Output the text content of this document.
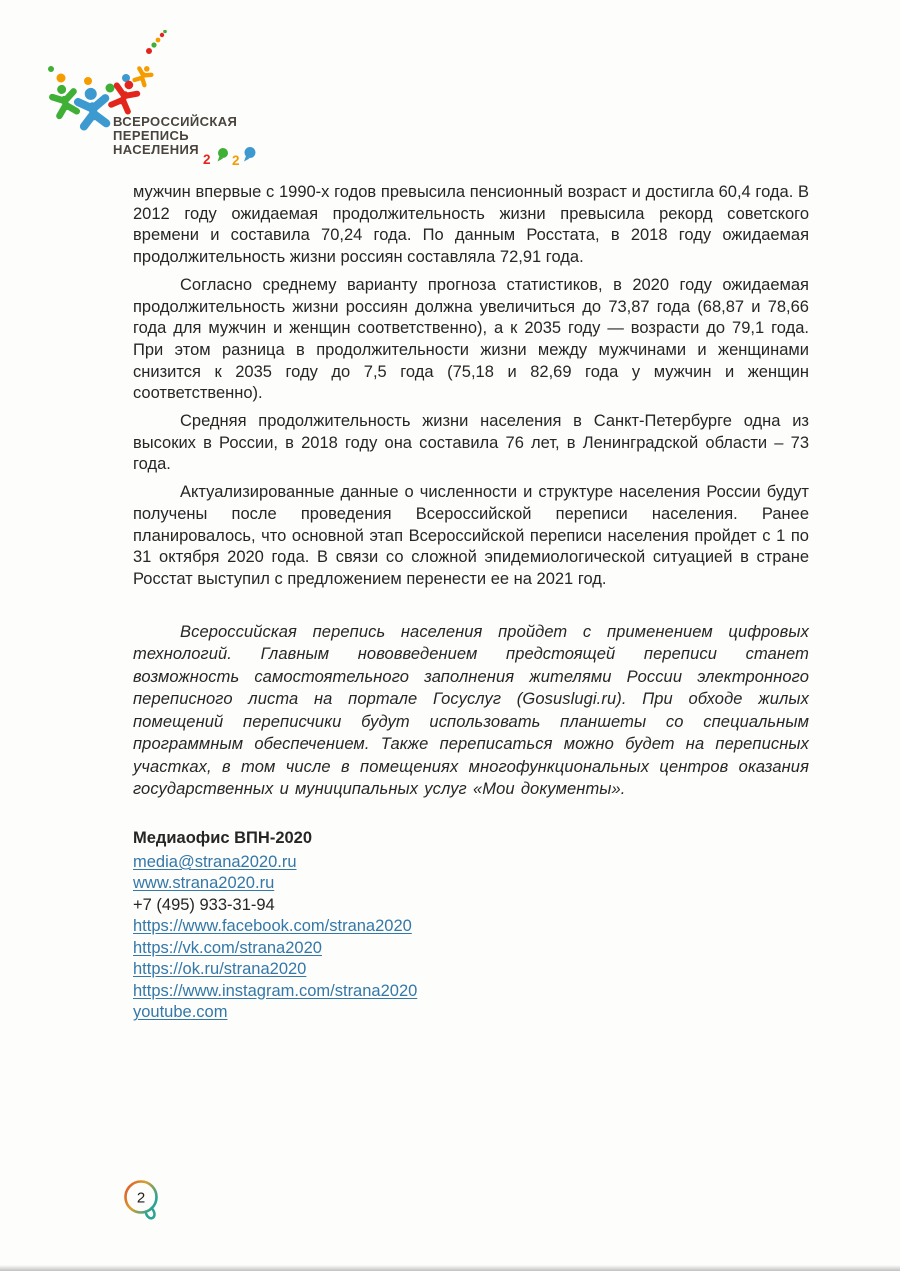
ВСЕРОССИЙСКАЯ
ПЕРЕПИСЬ
НАСЕЛЕНИЯ
2 2

мужчин впервые с 1990-х годов превысила пенсионный возраст и достигла 60,4 года. В 2012 году ожидаемая продолжительность жизни превысила рекорд советского времени и составила 70,24 года. По данным Росстата, в 2018 году ожидаемая продолжительность жизни россиян составляла 72,91 года.

Согласно среднему варианту прогноза статистиков, в 2020 году ожидаемая продолжительность жизни россиян должна увеличиться до 73,87 года (68,87 и 78,66 года для мужчин и женщин соответственно), а к 2035 году — возрасти до 79,1 года. При этом разница в продолжительности жизни между мужчинами и женщинами снизится к 2035 году до 7,5 года (75,18 и 82,69 года у мужчин и женщин соответственно).

Средняя продолжительность жизни населения в Санкт-Петербурге одна из высоких в России, в 2018 году она составила 76 лет, в Ленинградской области – 73 года.

Актуализированные данные о численности и структуре населения России будут получены после проведения Всероссийской переписи населения. Ранее планировалось, что основной этап Всероссийской переписи населения пройдет с 1 по 31 октября 2020 года. В связи со сложной эпидемиологической ситуацией в стране Росстат выступил с предложением перенести ее на 2021 год.

Всероссийская перепись населения пройдет с применением цифровых технологий. Главным нововведением предстоящей переписи станет возможность самостоятельного заполнения жителями России электронного переписного листа на портале Госуслуг (Gosuslugi.ru). При обходе жилых помещений переписчики будут использовать планшеты со специальным программным обеспечением. Также переписаться можно будет на переписных участках, в том числе в помещениях многофункциональных центров оказания государственных и муниципальных услуг «Мои документы».

Медиаофис ВПН-2020

media@strana2020.ru
www.strana2020.ru
+7 (495) 933-31-94
https://www.facebook.com/strana2020
https://vk.com/strana2020
https://ok.ru/strana2020
https://www.instagram.com/strana2020
youtube.com
2
